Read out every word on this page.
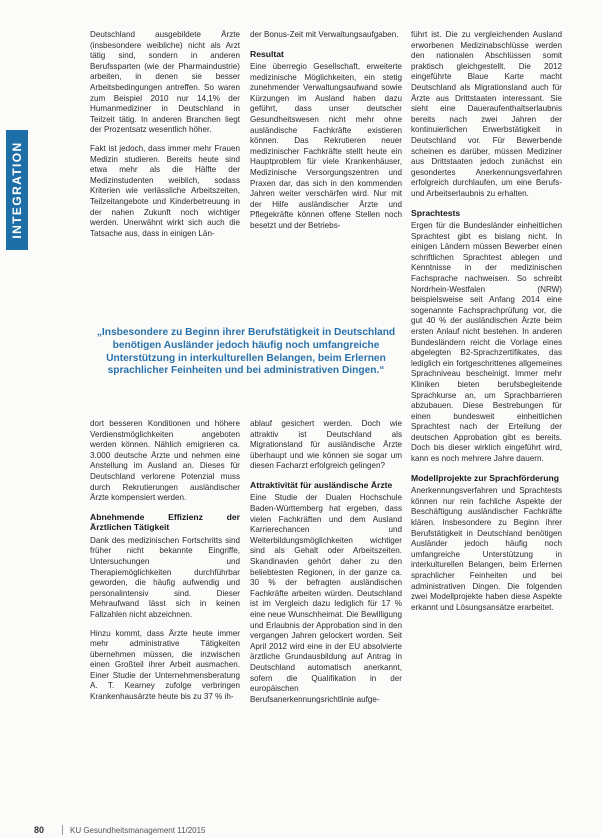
INTEGRATION

Deutschland ausgebildete Ärzte (insbesondere weibliche) nicht als Arzt tätig sind, sondern in anderen Berufssparten (wie der Pharmaindustrie) arbeiten, in denen sie besser Arbeitsbedingungen antreffen. So waren zum Beispiel 2010 nur 14,1% der Humanmediziner in Deutschland in Teilzeit tätig. In anderen Branchen liegt der Prozentsatz wesentlich höher.

Fakt ist jedoch, dass immer mehr Frauen Medizin studieren. Bereits heute sind etwa mehr als die Hälfte der Medizinstudenten weiblich, sodass Kriterien wie verlässliche Arbeitszeiten, Teilzeitangebote und Kinderbetreuung in der nahen Zukunft noch wichtiger werden. Unerwähnt wirkt sich auch die Tatsache aus, dass in einigen Län-

der Bonus-Zeit mit Verwaltungsaufgaben.

Resultat

Eine überregio Gesellschaft, erweiterte medizinische Möglichkeiten, ein stetig zunehmender Verwaltungsaufwand sowie Kürzungen im Ausland haben dazu geführt, dass unser deutscher Gesundheitswesen nicht mehr ohne ausländische Fachkräfte existieren können. Das Rekrutieren neuer medizinischer Fachkräfte stellt heute ein Hauptproblem für viele Krankenhäuser, Medizinische Versorgungszentren und Praxen dar, das sich in den kommenden Jahren weiter verschärfen wird. Nur mit der Hilfe ausländischer Ärzte und Pflegekräfte können offene Stellen noch besetzt und der Betriebs-

„Insbesondere zu Beginn ihrer Berufstätigkeit in Deutschland benötigen Ausländer jedoch häufig noch umfangreiche Unterstützung in interkulturellen Belangen, beim Erlernen sprachlicher Feinheiten und bei administrativen Dingen.“

dort besseren Konditionen und höhere Verdienstmöglichkeiten angeboten werden können. Nählich emigrieren ca. 3.000 deutsche Ärzte und nehmen eine Anstellung im Ausland an. Dieses für Deutschland verlorene Potenzial muss durch Rekrutierungen ausländischer Ärzte kompensiert werden.

Abnehmende Effizienz der Ärztlichen Tätigkeit

Dank des medizinischen Fortschritts sind früher nicht bekannte Eingriffe, Untersuchungen und Therapiemöglichkeiten durchführbar geworden, die häufig aufwendig und personalintensiv sind. Dieser Mehraufwand lässt sich in keinen Fallzahlen nicht abzeichnen.

Hinzu kommt, dass Ärzte heute immer mehr administrative Tätigkeiten übernehmen müssen, die inzwischen einen Großteil ihrer Arbeit ausmachen. Einer Studie der Unternehmensberatung A. T. Kearney zufolge verbringen Krankenhausärzte heute bis zu 37 % ih-

ablauf gesichert werden. Doch wie attraktiv ist Deutschland als Migrationsland für ausländische Ärzte überhaupt und wie können sie sogar um diesen Facharzt erfolgreich gelingen?

Attraktivität für ausländische Ärzte

Eine Studie der Dualen Hochschule Baden-Württemberg hat ergeben, dass vielen Fachkräften und dem Ausland Karrierechancen und Weiterbildungsmöglichkeiten wichtiger sind als Gehalt oder Arbeitszeiten. Skandinavien gehört daher zu den beliebtesten Regionen, in der ganze ca. 30 % der befragten ausländischen Fachkräfte arbeiten würden. Deutschland ist im Vergleich dazu lediglich für 17 % eine neue Wunschheimat. Die Bewilligung und Erlaubnis der Approbation sind in den vergangen Jahren gelockert worden. Seit April 2012 wird eine in der EU absolvierte ärztliche Grundausbildung auf Antrag in Deutschland automatisch anerkannt, sofern die Qualifikation in der europäischen Berufsanerkennungsrichtlinie aufge-

führt ist. Die zu vergleichenden Ausland erworbenen Medizinabschlüsse werden den nationalen Abschlüssen somit praktisch gleichgestellt. Die 2012 eingeführte Blaue Karte macht Deutschland als Migrationsland auch für Ärzte aus Drittstaaten interessant. Sie sieht eine Daueraufenthaltserlaubnis bereits nach zwei Jahren der kontinuierlichen Erwerbstätigkeit in Deutschland vor. Für Bewerbende scheinen es darüber, müssen Mediziner aus Drittstaaten jedoch zunächst ein gesondertes Anerkennungsverfahren erfolgreich durchlaufen, um eine Berufs- und Arbeitserlaubnis zu erhalten.

Sprachtests

Ergen für die Bundesländer einheitlichen Sprachtest gibt es bislang nicht. In einigen Ländern müssen Bewerber einen schriftlichen Sprachtest ablegen und Kenntnisse in der medizinischen Fachsprache nachweisen. So schreibt Nordrhein-Westfalen (NRW) beispielsweise seit Anfang 2014 eine sogenannte Fachsprachprüfung vor, die gut 40 % der ausländischen Ärzte beim ersten Anlauf nicht bestehen. In anderen Bundesländern reicht die Vorlage eines abgelegten B2-Sprachzertifikates, das lediglich ein fortgeschrittenes allgemeines Sprachniveau bescheinigt. Immer mehr Kliniken bieten berufsbegleitende Sprachkurse an, um Sprachbarrieren abzubauen. Diese Bestrebungen für einen bundesweit einheitlichen Sprachtest nach der Erteilung der deutschen Approbation gibt es bereits. Doch bis dieser wirklich eingeführt wird, kann es noch mehrere Jahre dauern.

Modellprojekte zur Sprachförderung

Anerkennungsverfahren und Sprachtests können nur rein fachliche Aspekte der Beschäftigung ausländischer Fachkräfte klären. Insbesondere zu Beginn ihrer Berufstätigkeit in Deutschland benötigen Ausländer jedoch häufig noch umfangreiche Unterstützung in interkulturellen Belangen, beim Erlernen sprachlicher Feinheiten und bei administrativen Dingen. Die folgenden zwei Modellprojekte haben diese Aspekte erkannt und Lösungsansätze erarbeitet.

80	KU Gesundheitsmanagement 11/2015
